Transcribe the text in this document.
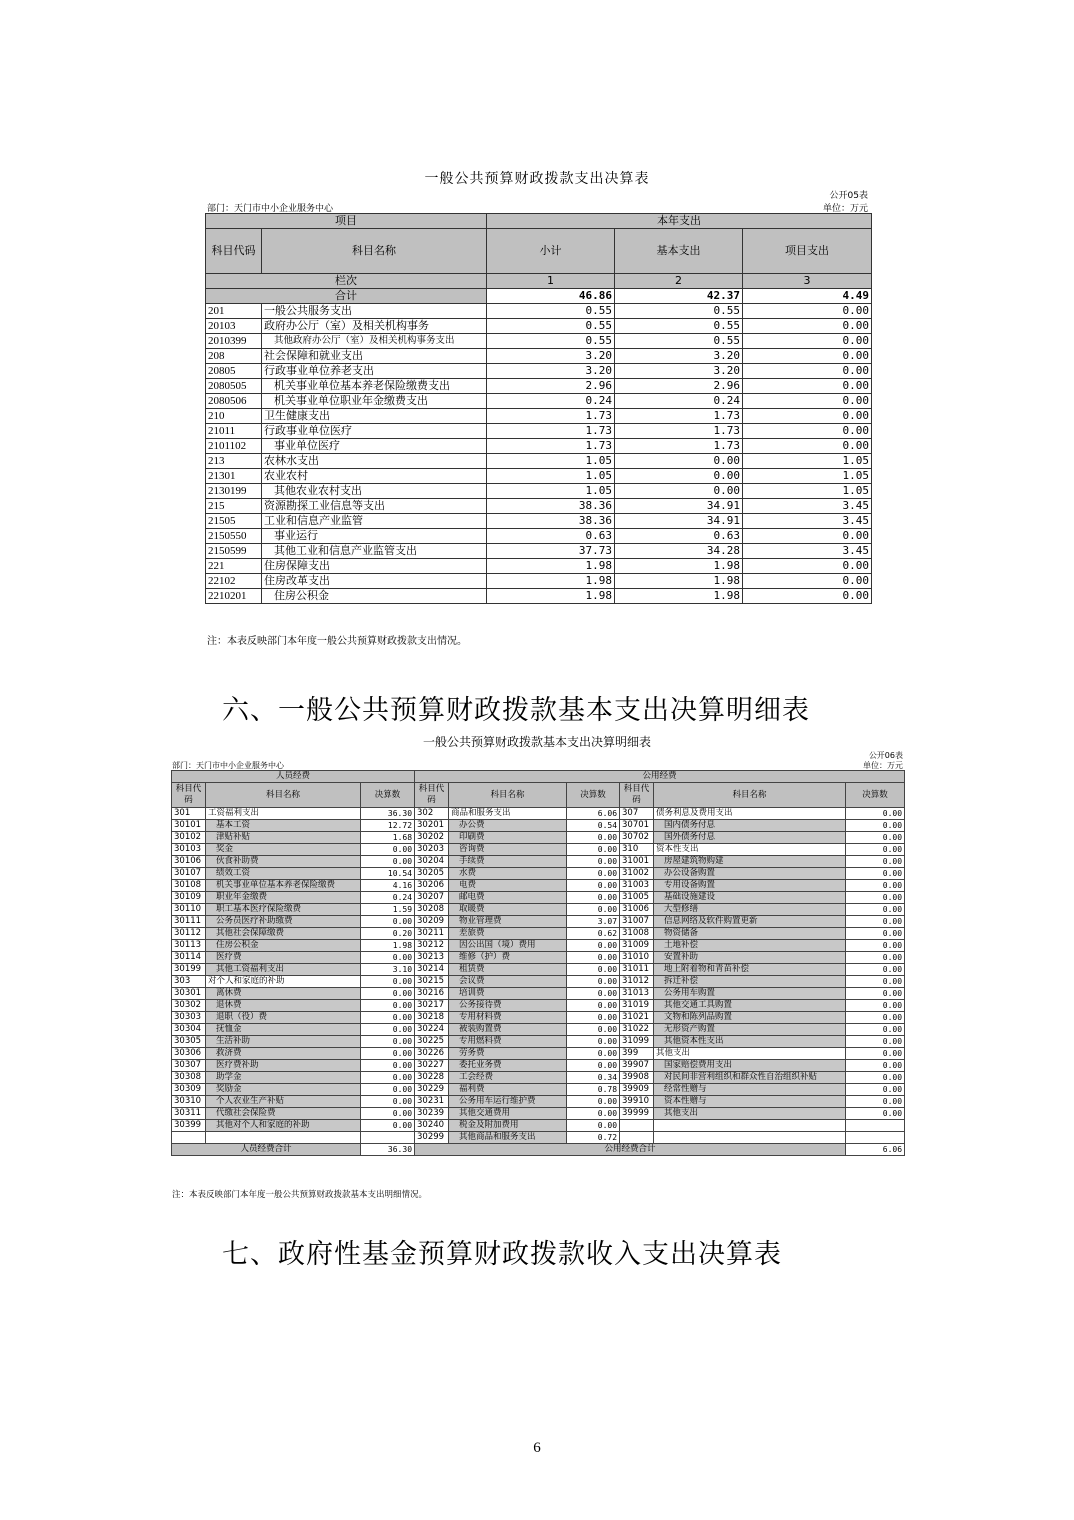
一般公共预算财政拨款支出决算表
公开05表
部门：天门市中小企业服务中心	单位：万元
项目		本年支出		
科目代码	科目名称	小计	基本支出	项目支出
栏次		1	2	3
合计		46.86	42.37	4.49
201	一般公共服务支出	0.55	0.55	0.00
20103	政府办公厅（室）及相关机构事务	0.55	0.55	0.00
2010399	其他政府办公厅（室）及相关机构事务支出	0.55	0.55	0.00
208	社会保障和就业支出	3.20	3.20	0.00
20805	行政事业单位养老支出	3.20	3.20	0.00
2080505	机关事业单位基本养老保险缴费支出	2.96	2.96	0.00
2080506	机关事业单位职业年金缴费支出	0.24	0.24	0.00
210	卫生健康支出	1.73	1.73	0.00
21011	行政事业单位医疗	1.73	1.73	0.00
2101102	事业单位医疗	1.73	1.73	0.00
213	农林水支出	1.05	0.00	1.05
21301	农业农村	1.05	0.00	1.05
2130199	其他农业农村支出	1.05	0.00	1.05
215	资源勘探工业信息等支出	38.36	34.91	3.45
21505	工业和信息产业监管	38.36	34.91	3.45
2150550	事业运行	0.63	0.63	0.00
2150599	其他工业和信息产业监管支出	37.73	34.28	3.45
221	住房保障支出	1.98	1.98	0.00
22102	住房改革支出	1.98	1.98	0.00
2210201	住房公积金	1.98	1.98	0.00
注：本表反映部门本年度一般公共预算财政拨款支出情况。
六、一般公共预算财政拨款基本支出决算明细表
一般公共预算财政拨款基本支出决算明细表
公开06表
部门：天门市中小企业服务中心	单位：万元
人员经费			公用经费					
科目代码	科目名称	决算数	科目代码	科目名称	决算数	科目代码	科目名称	决算数
301	工资福利支出	36.30	302	商品和服务支出	6.06	307	债务利息及费用支出	0.00
30101	基本工资	12.72	30201	办公费	0.54	30701	国内债务付息	0.00
30102	津贴补贴	1.68	30202	印刷费	0.00	30702	国外债务付息	0.00
30103	奖金	0.00	30203	咨询费	0.00	310	资本性支出	0.00
30106	伙食补助费	0.00	30204	手续费	0.00	31001	房屋建筑物购建	0.00
30107	绩效工资	10.54	30205	水费	0.00	31002	办公设备购置	0.00
30108	机关事业单位基本养老保险缴费	4.16	30206	电费	0.00	31003	专用设备购置	0.00
30109	职业年金缴费	0.24	30207	邮电费	0.00	31005	基础设施建设	0.00
30110	职工基本医疗保险缴费	1.59	30208	取暖费	0.00	31006	大型修缮	0.00
30111	公务员医疗补助缴费	0.00	30209	物业管理费	3.07	31007	信息网络及软件购置更新	0.00
30112	其他社会保障缴费	0.20	30211	差旅费	0.62	31008	物资储备	0.00
30113	住房公积金	1.98	30212	因公出国（境）费用	0.00	31009	土地补偿	0.00
30114	医疗费	0.00	30213	维修（护）费	0.00	31010	安置补助	0.00
30199	其他工资福利支出	3.10	30214	租赁费	0.00	31011	地上附着物和青苗补偿	0.00
303	对个人和家庭的补助	0.00	30215	会议费	0.00	31012	拆迁补偿	0.00
30301	离休费	0.00	30216	培训费	0.00	31013	公务用车购置	0.00
30302	退休费	0.00	30217	公务接待费	0.00	31019	其他交通工具购置	0.00
30303	退职（役）费	0.00	30218	专用材料费	0.00	31021	文物和陈列品购置	0.00
30304	抚恤金	0.00	30224	被装购置费	0.00	31022	无形资产购置	0.00
30305	生活补助	0.00	30225	专用燃料费	0.00	31099	其他资本性支出	0.00
30306	救济费	0.00	30226	劳务费	0.00	399	其他支出	0.00
30307	医疗费补助	0.00	30227	委托业务费	0.00	39907	国家赔偿费用支出	0.00
30308	助学金	0.00	30228	工会经费	0.34	39908	对民间非营利组织和群众性自治组织补贴	0.00
30309	奖励金	0.00	30229	福利费	0.78	39909	经常性赠与	0.00
30310	个人农业生产补贴	0.00	30231	公务用车运行维护费	0.00	39910	资本性赠与	0.00
30311	代缴社会保险费	0.00	30239	其他交通费用	0.00	39999	其他支出	0.00
30399	其他对个人和家庭的补助	0.00	30240	税金及附加费用	0.00			
			30299	其他商品和服务支出	0.72			
人员经费合计		36.30	公用经费合计					6.06
注：本表反映部门本年度一般公共预算财政拨款基本支出明细情况。
七、政府性基金预算财政拨款收入支出决算表
6
